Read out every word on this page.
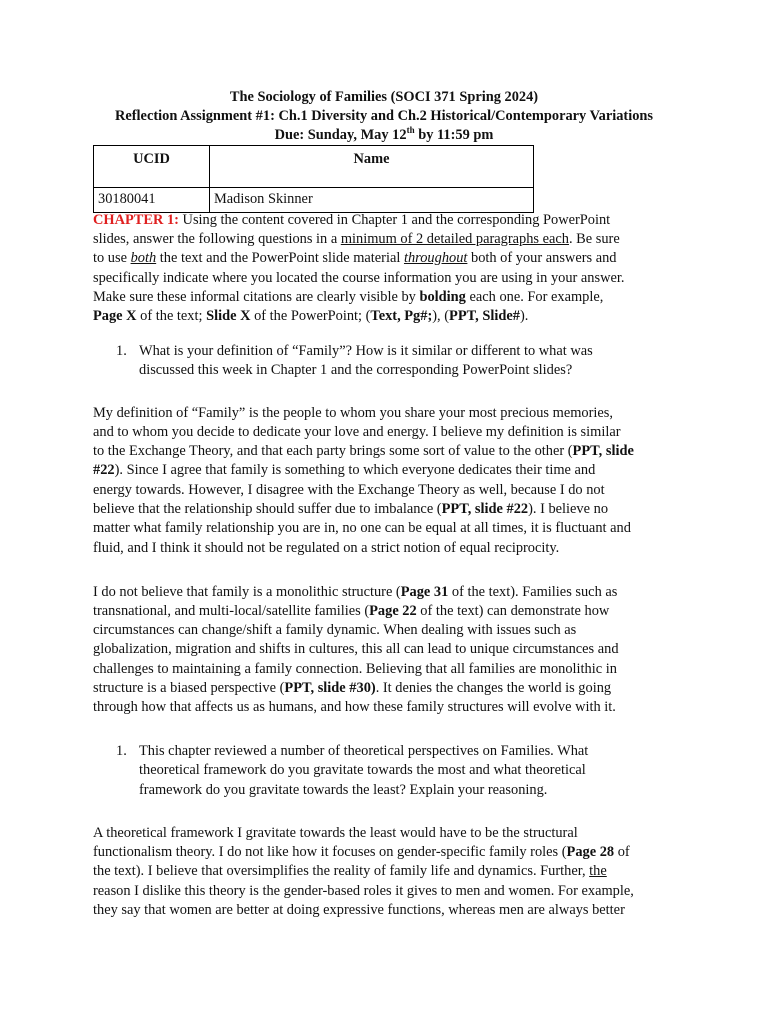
The Sociology of Families (SOCI 371 Spring 2024)
Reflection Assignment #1: Ch.1 Diversity and Ch.2 Historical/Contemporary Variations
Due: Sunday, May 12th by 11:59 pm
UCID	Name
30180041	Madison Skinner
CHAPTER 1: Using the content covered in Chapter 1 and the corresponding PowerPoint
slides, answer the following questions in a minimum of 2 detailed paragraphs each. Be sure
to use both the text and the PowerPoint slide material throughout both of your answers and
specifically indicate where you located the course information you are using in your answer.
Make sure these informal citations are clearly visible by bolding each one. For example,
Page X of the text; Slide X of the PowerPoint; (Text, Pg#;), (PPT, Slide#).
1. What is your definition of “Family”? How is it similar or different to what was
discussed this week in Chapter 1 and the corresponding PowerPoint slides?
My definition of “Family” is the people to whom you share your most precious memories,
and to whom you decide to dedicate your love and energy. I believe my definition is similar
to the Exchange Theory, and that each party brings some sort of value to the other (PPT, slide
#22). Since I agree that family is something to which everyone dedicates their time and
energy towards. However, I disagree with the Exchange Theory as well, because I do not
believe that the relationship should suffer due to imbalance (PPT, slide #22). I believe no
matter what family relationship you are in, no one can be equal at all times, it is fluctuant and
fluid, and I think it should not be regulated on a strict notion of equal reciprocity.
I do not believe that family is a monolithic structure (Page 31 of the text). Families such as
transnational, and multi-local/satellite families (Page 22 of the text) can demonstrate how
circumstances can change/shift a family dynamic. When dealing with issues such as
globalization, migration and shifts in cultures, this all can lead to unique circumstances and
challenges to maintaining a family connection. Believing that all families are monolithic in
structure is a biased perspective (PPT, slide #30). It denies the changes the world is going
through how that affects us as humans, and how these family structures will evolve with it.
1. This chapter reviewed a number of theoretical perspectives on Families. What
theoretical framework do you gravitate towards the most and what theoretical
framework do you gravitate towards the least? Explain your reasoning.
A theoretical framework I gravitate towards the least would have to be the structural
functionalism theory. I do not like how it focuses on gender-specific family roles (Page 28 of
the text). I believe that oversimplifies the reality of family life and dynamics. Further, the
reason I dislike this theory is the gender-based roles it gives to men and women. For example,
they say that women are better at doing expressive functions, whereas men are always better
